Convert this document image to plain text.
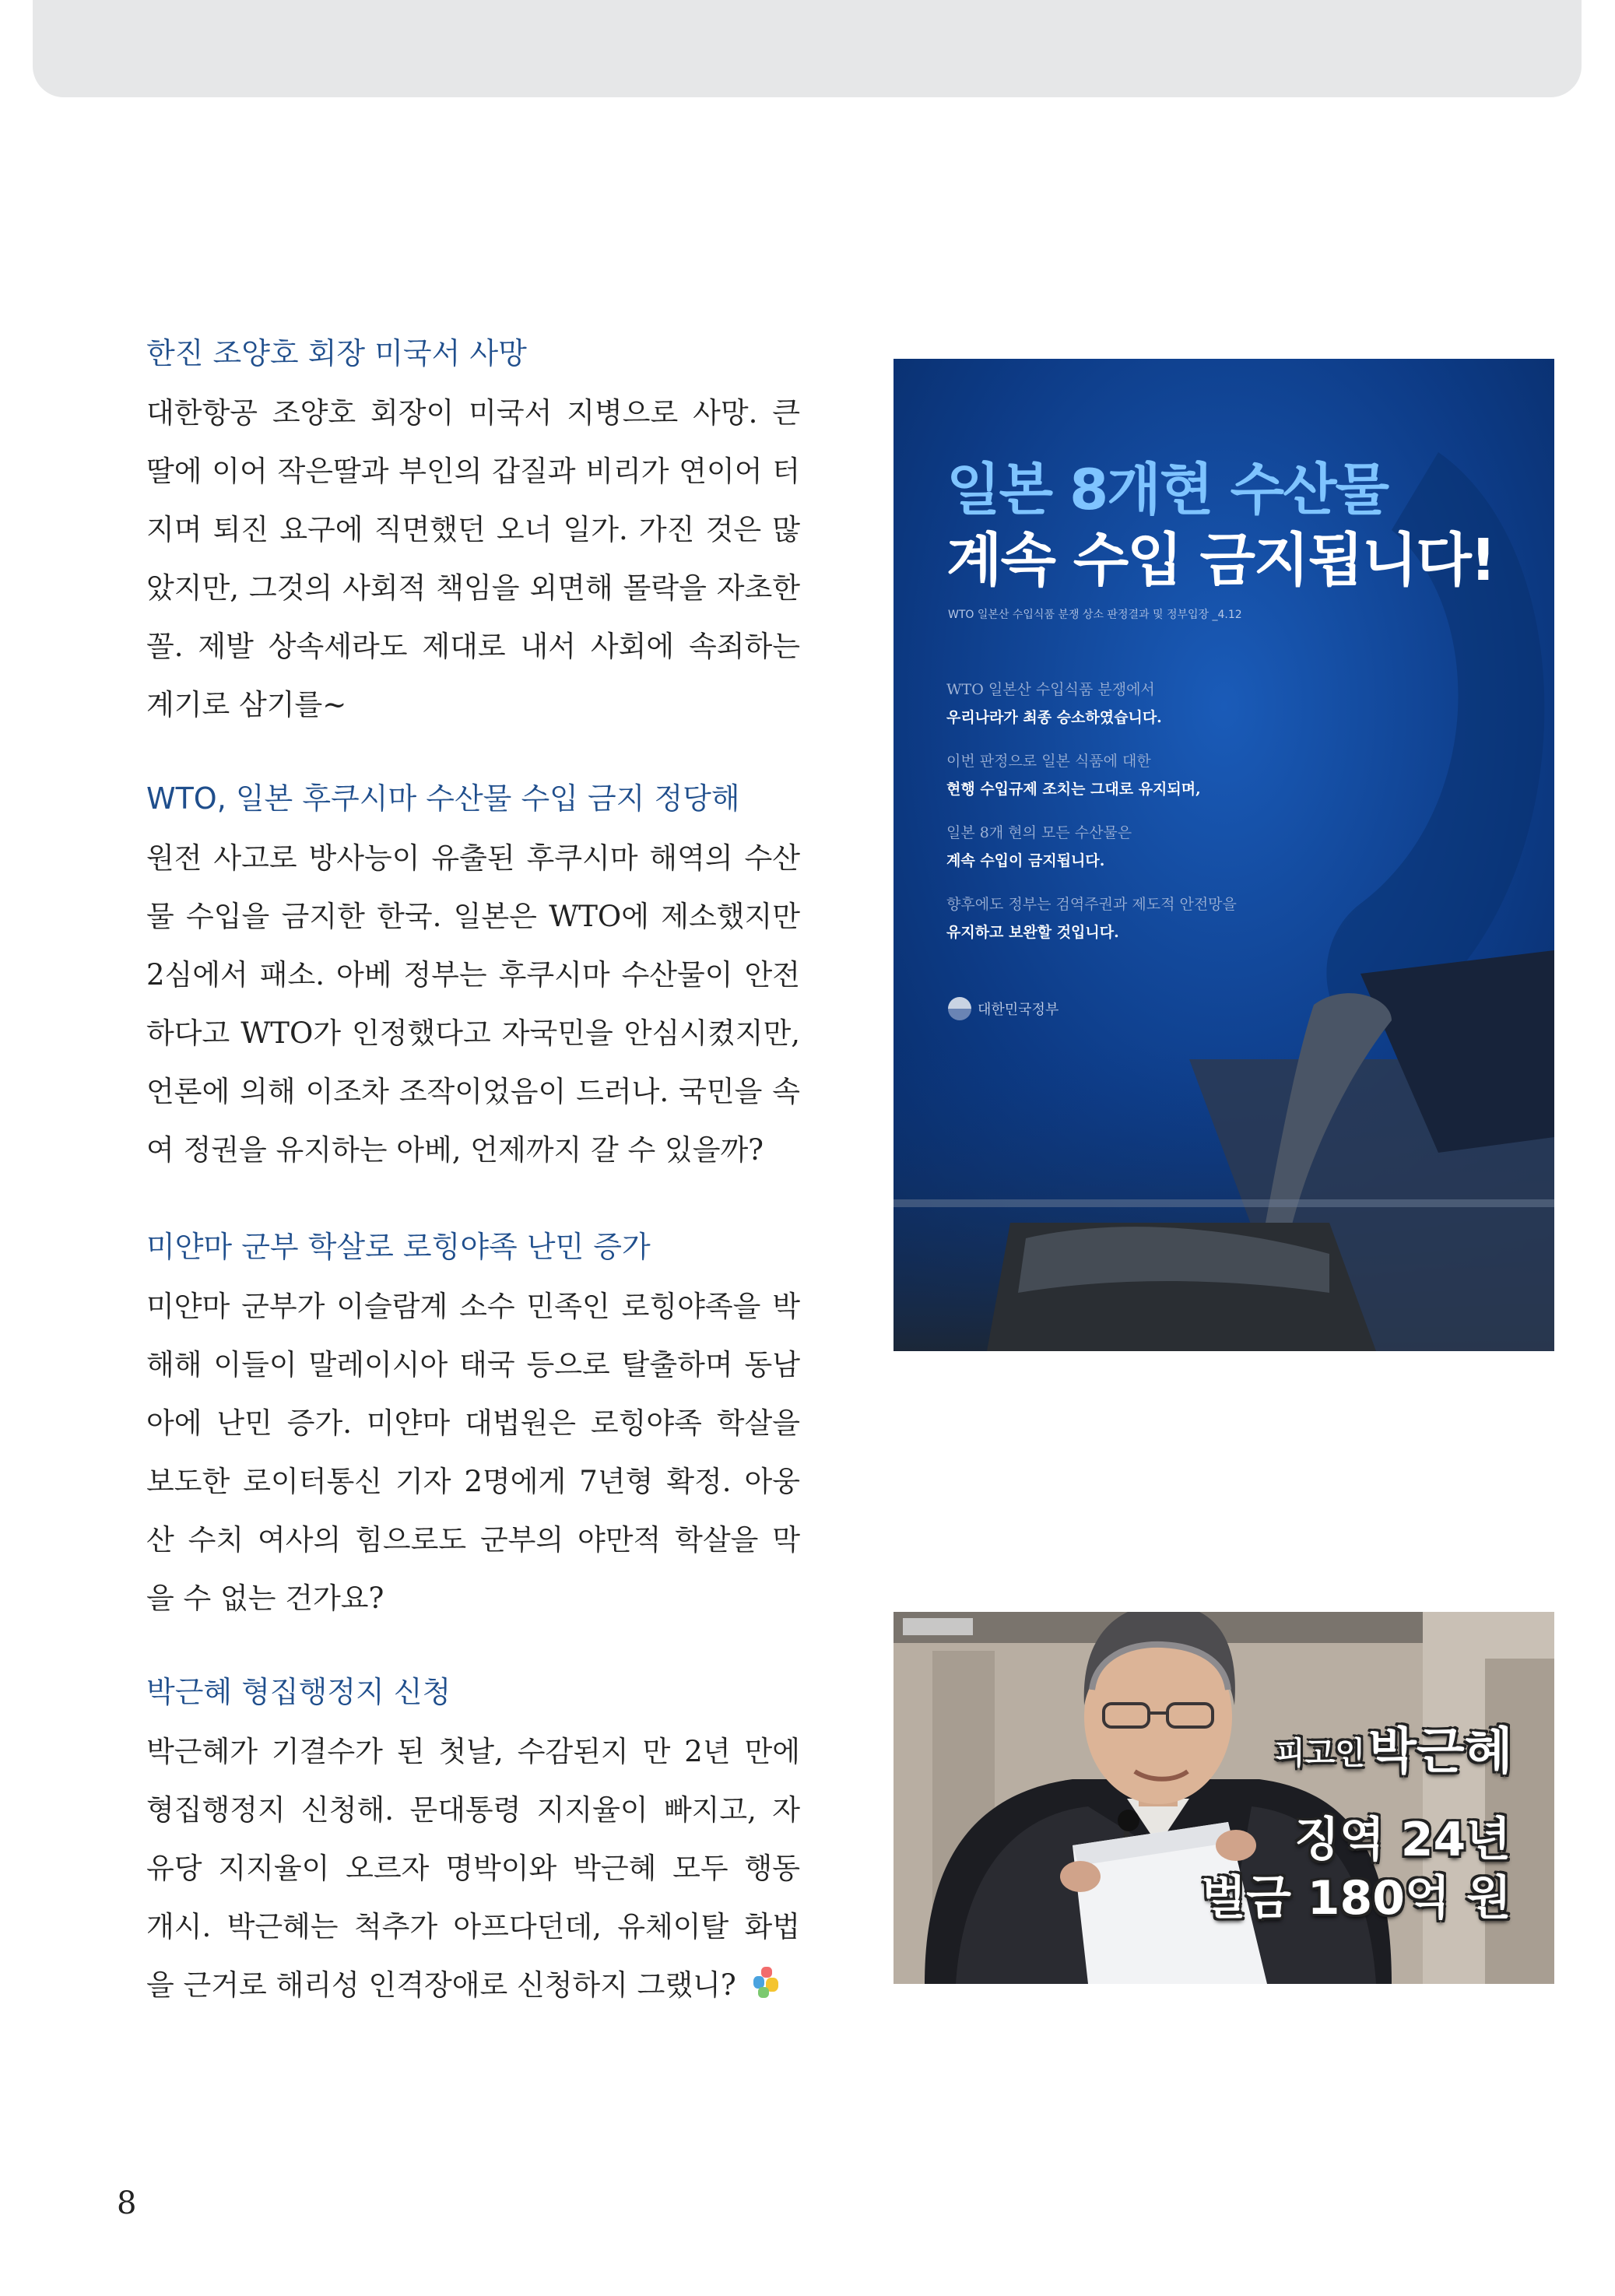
한진 조양호 회장 미국서 사망

대한항공 조양호 회장이 미국서 지병으로 사망. 큰

딸에 이어 작은딸과 부인의 갑질과 비리가 연이어 터

지며 퇴진 요구에 직면했던 오너 일가. 가진 것은 많

았지만, 그것의 사회적 책임을 외면해 몰락을 자초한

꼴. 제발 상속세라도 제대로 내서 사회에 속죄하는

계기로 삼기를~

WTO, 일본 후쿠시마 수산물 수입 금지 정당해

원전 사고로 방사능이 유출된 후쿠시마 해역의 수산

물 수입을 금지한 한국. 일본은 WTO에 제소했지만

2심에서 패소. 아베 정부는 후쿠시마 수산물이 안전

하다고 WTO가 인정했다고 자국민을 안심시켰지만,

언론에 의해 이조차 조작이었음이 드러나. 국민을 속

여 정권을 유지하는 아베, 언제까지 갈 수 있을까?

미얀마 군부 학살로 로힝야족 난민 증가

미얀마 군부가 이슬람계 소수 민족인 로힝야족을 박

해해 이들이 말레이시아 태국 등으로 탈출하며 동남

아에 난민 증가. 미얀마 대법원은 로힝야족 학살을

보도한 로이터통신 기자 2명에게 7년형 확정. 아웅

산 수치 여사의 힘으로도 군부의 야만적 학살을 막

을 수 없는 건가요?

박근혜 형집행정지 신청

박근혜가 기결수가 된 첫날, 수감된지 만 2년 만에

형집행정지 신청해. 문대통령 지지율이 빠지고, 자

유당 지지율이 오르자 명박이와 박근혜 모두 행동

개시. 박근혜는 척추가 아프다던데, 유체이탈 화법

을 근거로 해리성 인격장애로 신청하지 그랬니?

일본 8개현 수산물

계속 수입 금지됩니다!

WTO 일본산 수입식품 분쟁 상소 판정결과 및 정부입장 _4.12

WTO 일본산 수입식품 분쟁에서

우리나라가 최종 승소하였습니다.

이번 판정으로 일본 식품에 대한

현행 수입규제 조치는 그대로 유지되며,

일본 8개 현의 모든 수산물은

계속 수입이 금지됩니다.

향후에도 정부는 검역주권과 제도적 안전망을

유지하고 보완할 것입니다.

대한민국정부

피고인 박근혜

징역 24년

벌금 180억 원

8
